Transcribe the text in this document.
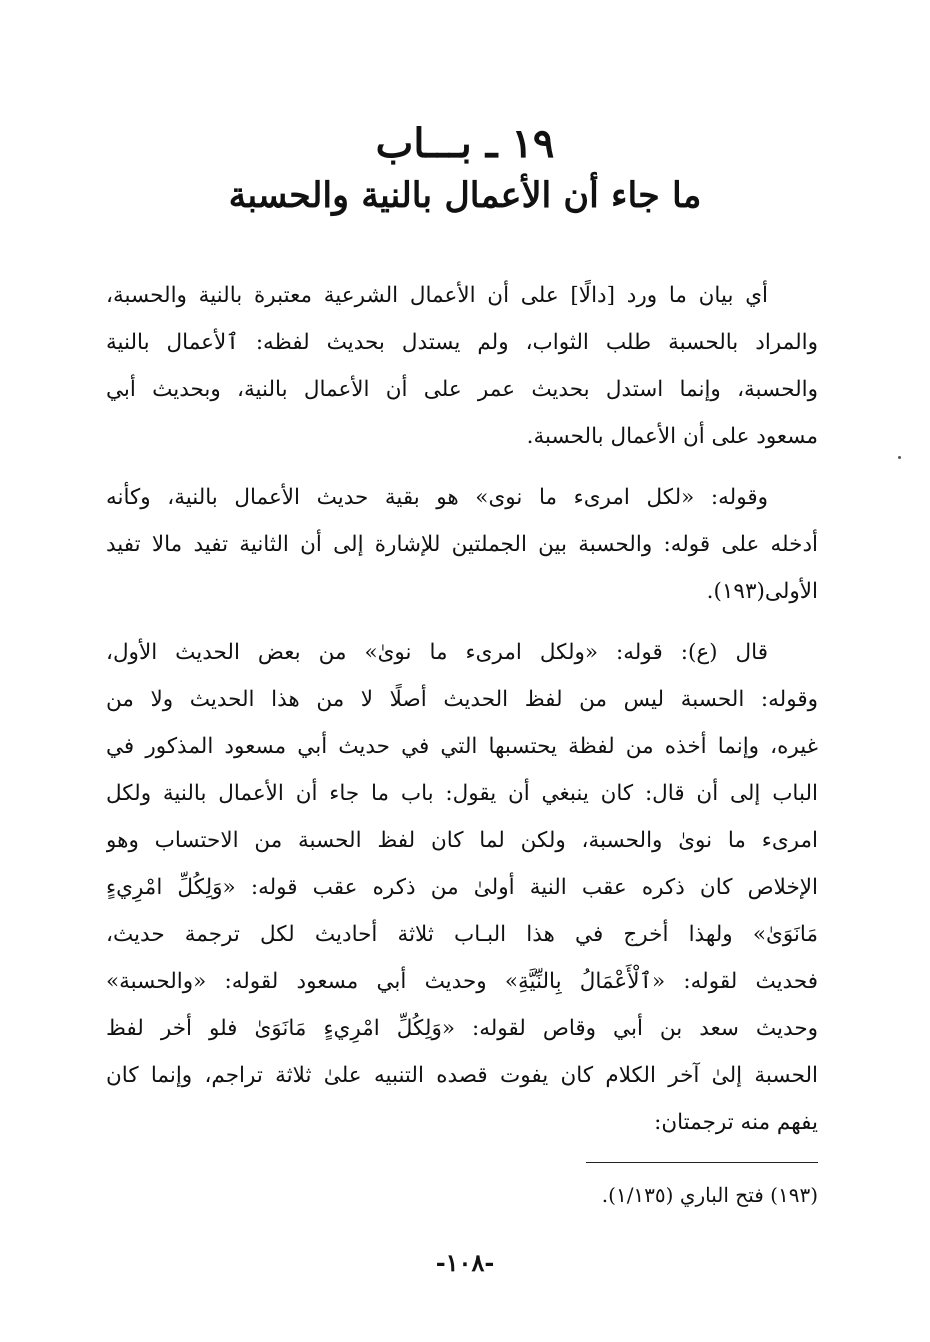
١٩ ـ بـــاب
ما جاء أن الأعمال بالنية والحسبة
أي بيان ما ورد [دالًا] على أن الأعمال الشرعية معتبرة بالنية والحسبة،
والمراد بالحسبة طلب الثواب، ولم يستدل بحديث لفظه: ٱلأعمال بالنية
والحسبة، وإنما استدل بحديث عمر على أن الأعمال بالنية، وبحديث أبي
مسعود على أن الأعمال بالحسبة.
وقوله: «لكل امرىء ما نوى» هو بقية حديث الأعمال بالنية، وكأنه
أدخله على قوله: والحسبة بين الجملتين للإشارة إلى أن الثانية تفيد مالا تفيد
الأولى(١٩٣).
قال (ع): قوله: «ولكل امرىء ما نوىٰ» من بعض الحديث الأول،
وقوله: الحسبة ليس من لفظ الحديث أصلًا لا من هذا الحديث ولا من
غيره، وإنما أخذه من لفظة يحتسبها التي في حديث أبي مسعود المذكور في
الباب إلى أن قال: كان ينبغي أن يقول: باب ما جاء أن الأعمال بالنية ولكل
امرىء ما نوىٰ والحسبة، ولكن لما كان لفظ الحسبة من الاحتساب وهو
الإخلاص كان ذكره عقب النية أولىٰ من ذكره عقب قوله: «وَلِكُلِّ امْرِيءٍ
مَانَوَىٰ» ولهذا أخرج في هذا البـاب ثلاثة أحاديث لكل ترجمة حديث،
فحديث لقوله: «ٱلْأَعْمَالُ بِالنِّيَّةِ» وحديث أبي مسعود لقوله: «والحسبة»
وحديث سعد بن أبي وقاص لقوله: «وَلِكُلِّ امْرِيءٍ مَانَوَىٰ فلو أخر لفظ
الحسبة إلىٰ آخر الكلام كان يفوت قصده التنبيه علىٰ ثلاثة تراجم، وإنما كان
يفهم منه ترجمتان:
(١٩٣) فتح الباري (١/١٣٥).
-١٠٨-
